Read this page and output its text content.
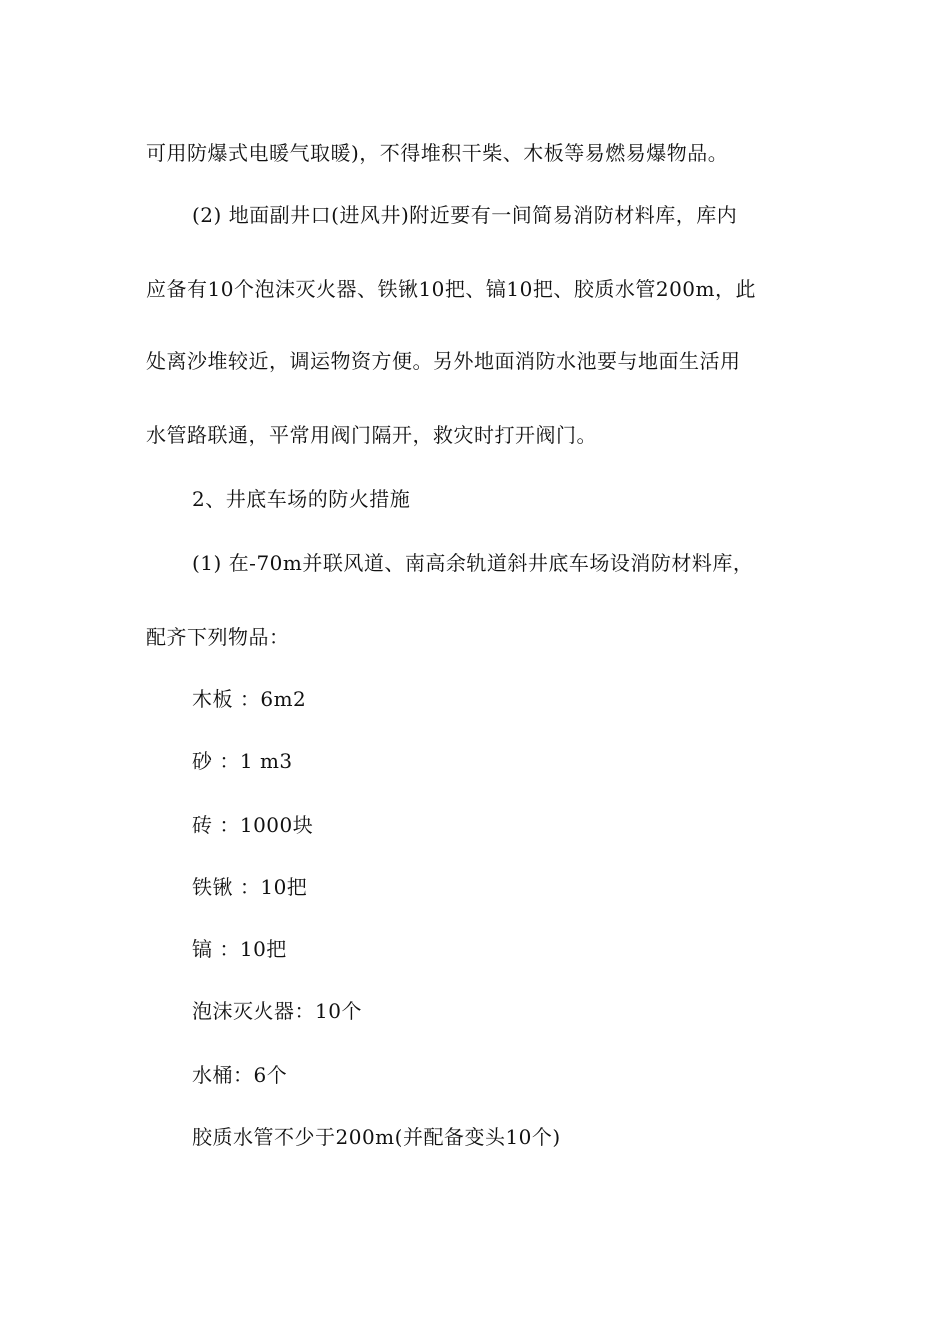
可用防爆式电暖气取暖)，不得堆积干柴、木板等易燃易爆物品。
(2) 地面副井口(进风井)附近要有一间简易消防材料库，库内
应备有10个泡沫灭火器、铁锹10把、镐10把、胶质水管200m，此
处离沙堆较近，调运物资方便。另外地面消防水池要与地面生活用
水管路联通，平常用阀门隔开，救灾时打开阀门。
2、井底车场的防火措施
(1) 在-70m并联风道、南高余轨道斜井底车场设消防材料库，
配齐下列物品：
木板 ：6m2
砂 ：1 m3
砖 ：1000块
铁锹 ：10把
镐 ：10把
泡沫灭火器：10个
水桶：6个
胶质水管不少于200m(并配备变头10个)
